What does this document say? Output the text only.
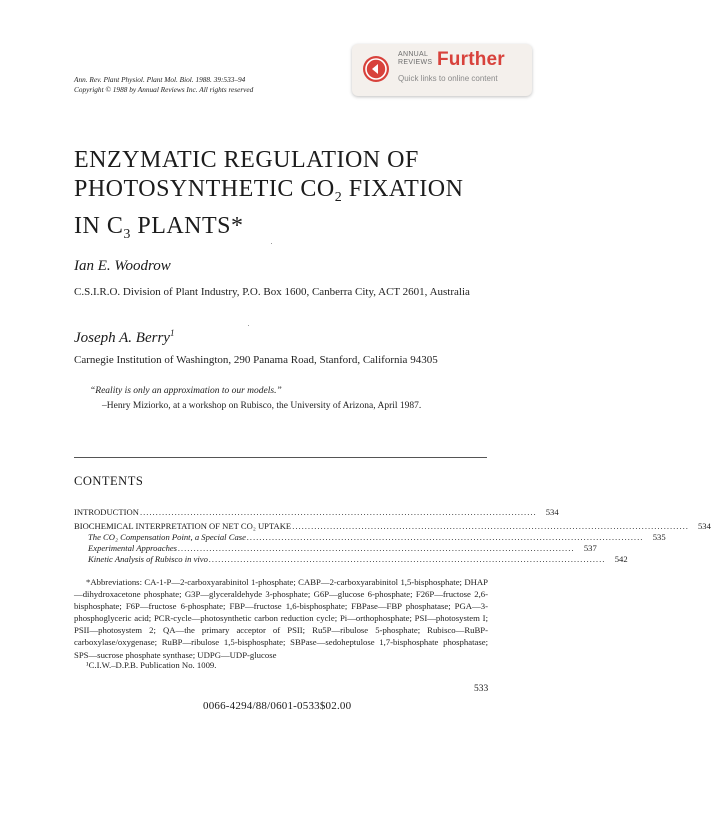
ANNUAL
REVIEWS Further
Quick links to online content
Ann. Rev. Plant Physiol. Plant Mol. Biol. 1988. 39:533–94
Copyright © 1988 by Annual Reviews Inc. All rights reserved
ENZYMATIC REGULATION OF
PHOTOSYNTHETIC $CO_2$ FIXATION
IN $C_3$ PLANTS*
Ian E. Woodrow
C.S.I.R.O. Division of Plant Industry, P.O. Box 1600, Canberra City, ACT 2601, Australia
Joseph A. Berry$^1$
Carnegie Institution of Washington, 290 Panama Road, Stanford, California 94305
“Reality is only an approximation to our models.”
–Henry Miziorko, at a workshop on Rubisco, the University of Arizona, April 1987.
CONTENTS
INTRODUCTION ..............................................................................................................................	534
BIOCHEMICAL INTERPRETATION OF NET CO₂ UPTAKE ..............................................................................................................................	534
The CO₂ Compensation Point, a Special Case ..............................................................................................................................	535
Experimental Approaches ..............................................................................................................................	537
Kinetic Analysis of Rubisco in vivo ..............................................................................................................................	542
*Abbreviations: CA-1-P—2-carboxyarabinitol 1-phosphate; CABP—2-carboxyarabinitol 1,5-bisphosphate; DHAP—dihydroxacetone phosphate; G3P—glyceraldehyde 3-phosphate; G6P—glucose 6-phosphate; F26P—fructose 2,6-bisphosphate; F6P—fructose 6-phosphate; FBP—fructose 1,6-bisphosphate; FBPase—FBP phosphatase; PGA—3-phosphoglyceric acid; PCR-cycle—photosynthetic carbon reduction cycle; Pi—orthophosphate; PSI—photosystem I; PSII—photosystem 2; QA—the primary acceptor of PSII; Ru5P—ribulose 5-phosphate; Rubisco—RuBP-carboxylase/oxygenase; RuBP—ribulose 1,5-bisphosphate; SBPase—sedoheptulose 1,7-bisphosphate phosphatase; SPS—sucrose phosphate synthase; UDPG—UDP-glucose
¹C.I.W.–D.P.B. Publication No. 1009.
533
0066-4294/88/0601-0533$02.00
